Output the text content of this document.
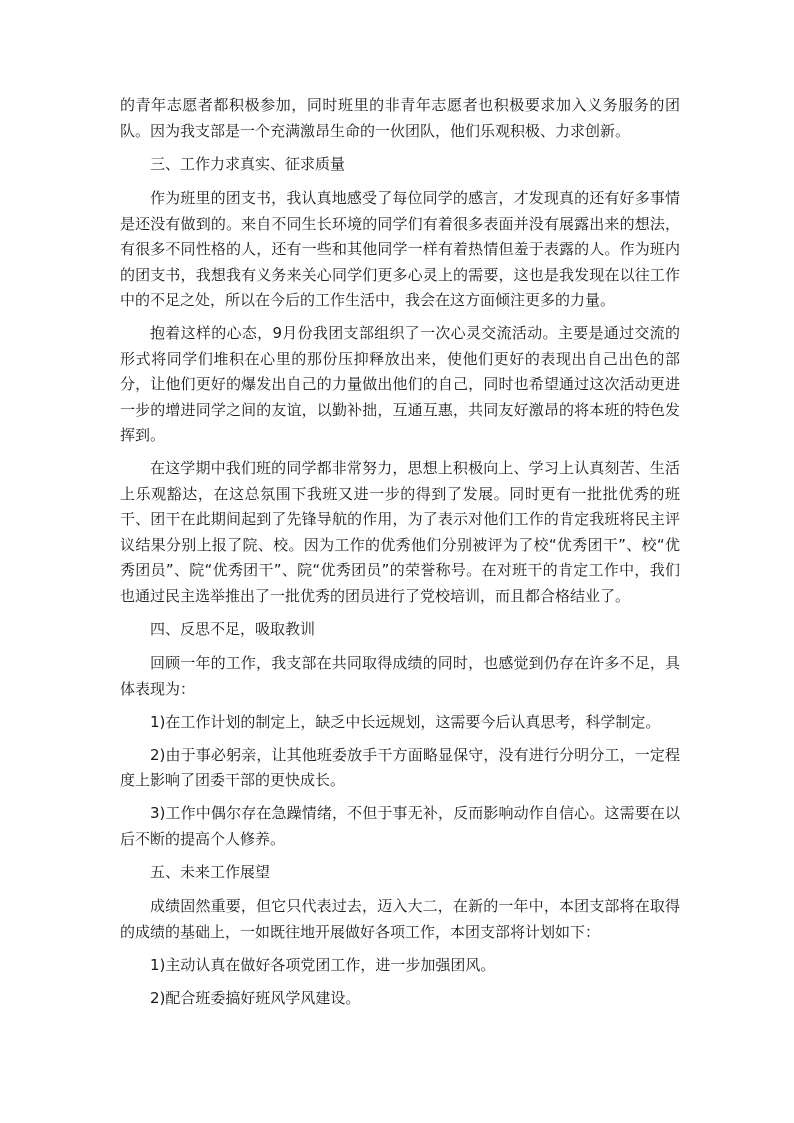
的青年志愿者都积极参加，同时班里的非青年志愿者也积极要求加入义务服务的团队。因为我支部是一个充满激昂生命的一伙团队，他们乐观积极、力求创新。

三、工作力求真实、征求质量

作为班里的团支书，我认真地感受了每位同学的感言，才发现真的还有好多事情是还没有做到的。来自不同生长环境的同学们有着很多表面并没有展露出来的想法，有很多不同性格的人，还有一些和其他同学一样有着热情但羞于表露的人。作为班内的团支书，我想我有义务来关心同学们更多心灵上的需要，这也是我发现在以往工作中的不足之处，所以在今后的工作生活中，我会在这方面倾注更多的力量。

抱着这样的心态，9月份我团支部组织了一次心灵交流活动。主要是通过交流的形式将同学们堆积在心里的那份压抑释放出来，使他们更好的表现出自己出色的部分，让他们更好的爆发出自己的力量做出他们的自己，同时也希望通过这次活动更进一步的增进同学之间的友谊，以勤补拙，互通互惠，共同友好激昂的将本班的特色发挥到。

在这学期中我们班的同学都非常努力，思想上积极向上、学习上认真刻苦、生活上乐观豁达，在这总氛围下我班又进一步的得到了发展。同时更有一批批优秀的班干、团干在此期间起到了先锋导航的作用，为了表示对他们工作的肯定我班将民主评议结果分别上报了院、校。因为工作的优秀他们分别被评为了校“优秀团干”、校“优秀团员”、院“优秀团干”、院“优秀团员”的荣誉称号。在对班干的肯定工作中，我们也通过民主选举推出了一批优秀的团员进行了党校培训，而且都合格结业了。

四、反思不足，吸取教训

回顾一年的工作，我支部在共同取得成绩的同时，也感觉到仍存在许多不足，具体表现为：

1)在工作计划的制定上，缺乏中长远规划，这需要今后认真思考，科学制定。

2)由于事必躬亲，让其他班委放手干方面略显保守，没有进行分明分工，一定程度上影响了团委干部的更快成长。

3)工作中偶尔存在急躁情绪，不但于事无补，反而影响动作自信心。这需要在以后不断的提高个人修养。

五、未来工作展望

成绩固然重要，但它只代表过去，迈入大二，在新的一年中，本团支部将在取得的成绩的基础上，一如既往地开展做好各项工作，本团支部将计划如下：

1)主动认真在做好各项党团工作，进一步加强团风。

2)配合班委搞好班风学风建设。
